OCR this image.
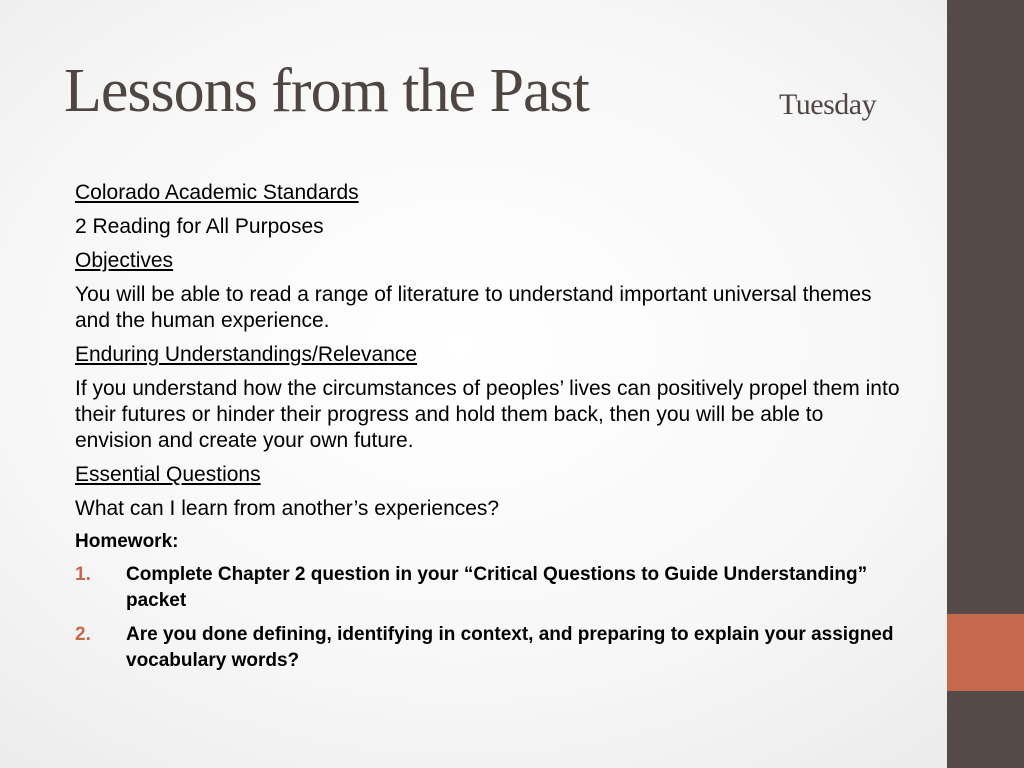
Lessons from the Past	Tuesday

Colorado Academic Standards

2 Reading for All Purposes

Objectives

You will be able to read a range of literature to understand important universal themes and the human experience.

Enduring Understandings/Relevance

If you understand how the circumstances of peoples’ lives can positively propel them into their futures or hinder their progress and hold them back, then you will be able to envision and create your own future.

Essential Questions

What can I learn from another’s experiences?

Homework:

1. Complete Chapter 2 question in your “Critical Questions to Guide Understanding” packet
2. Are you done defining, identifying in context, and preparing to explain your assigned vocabulary words?
